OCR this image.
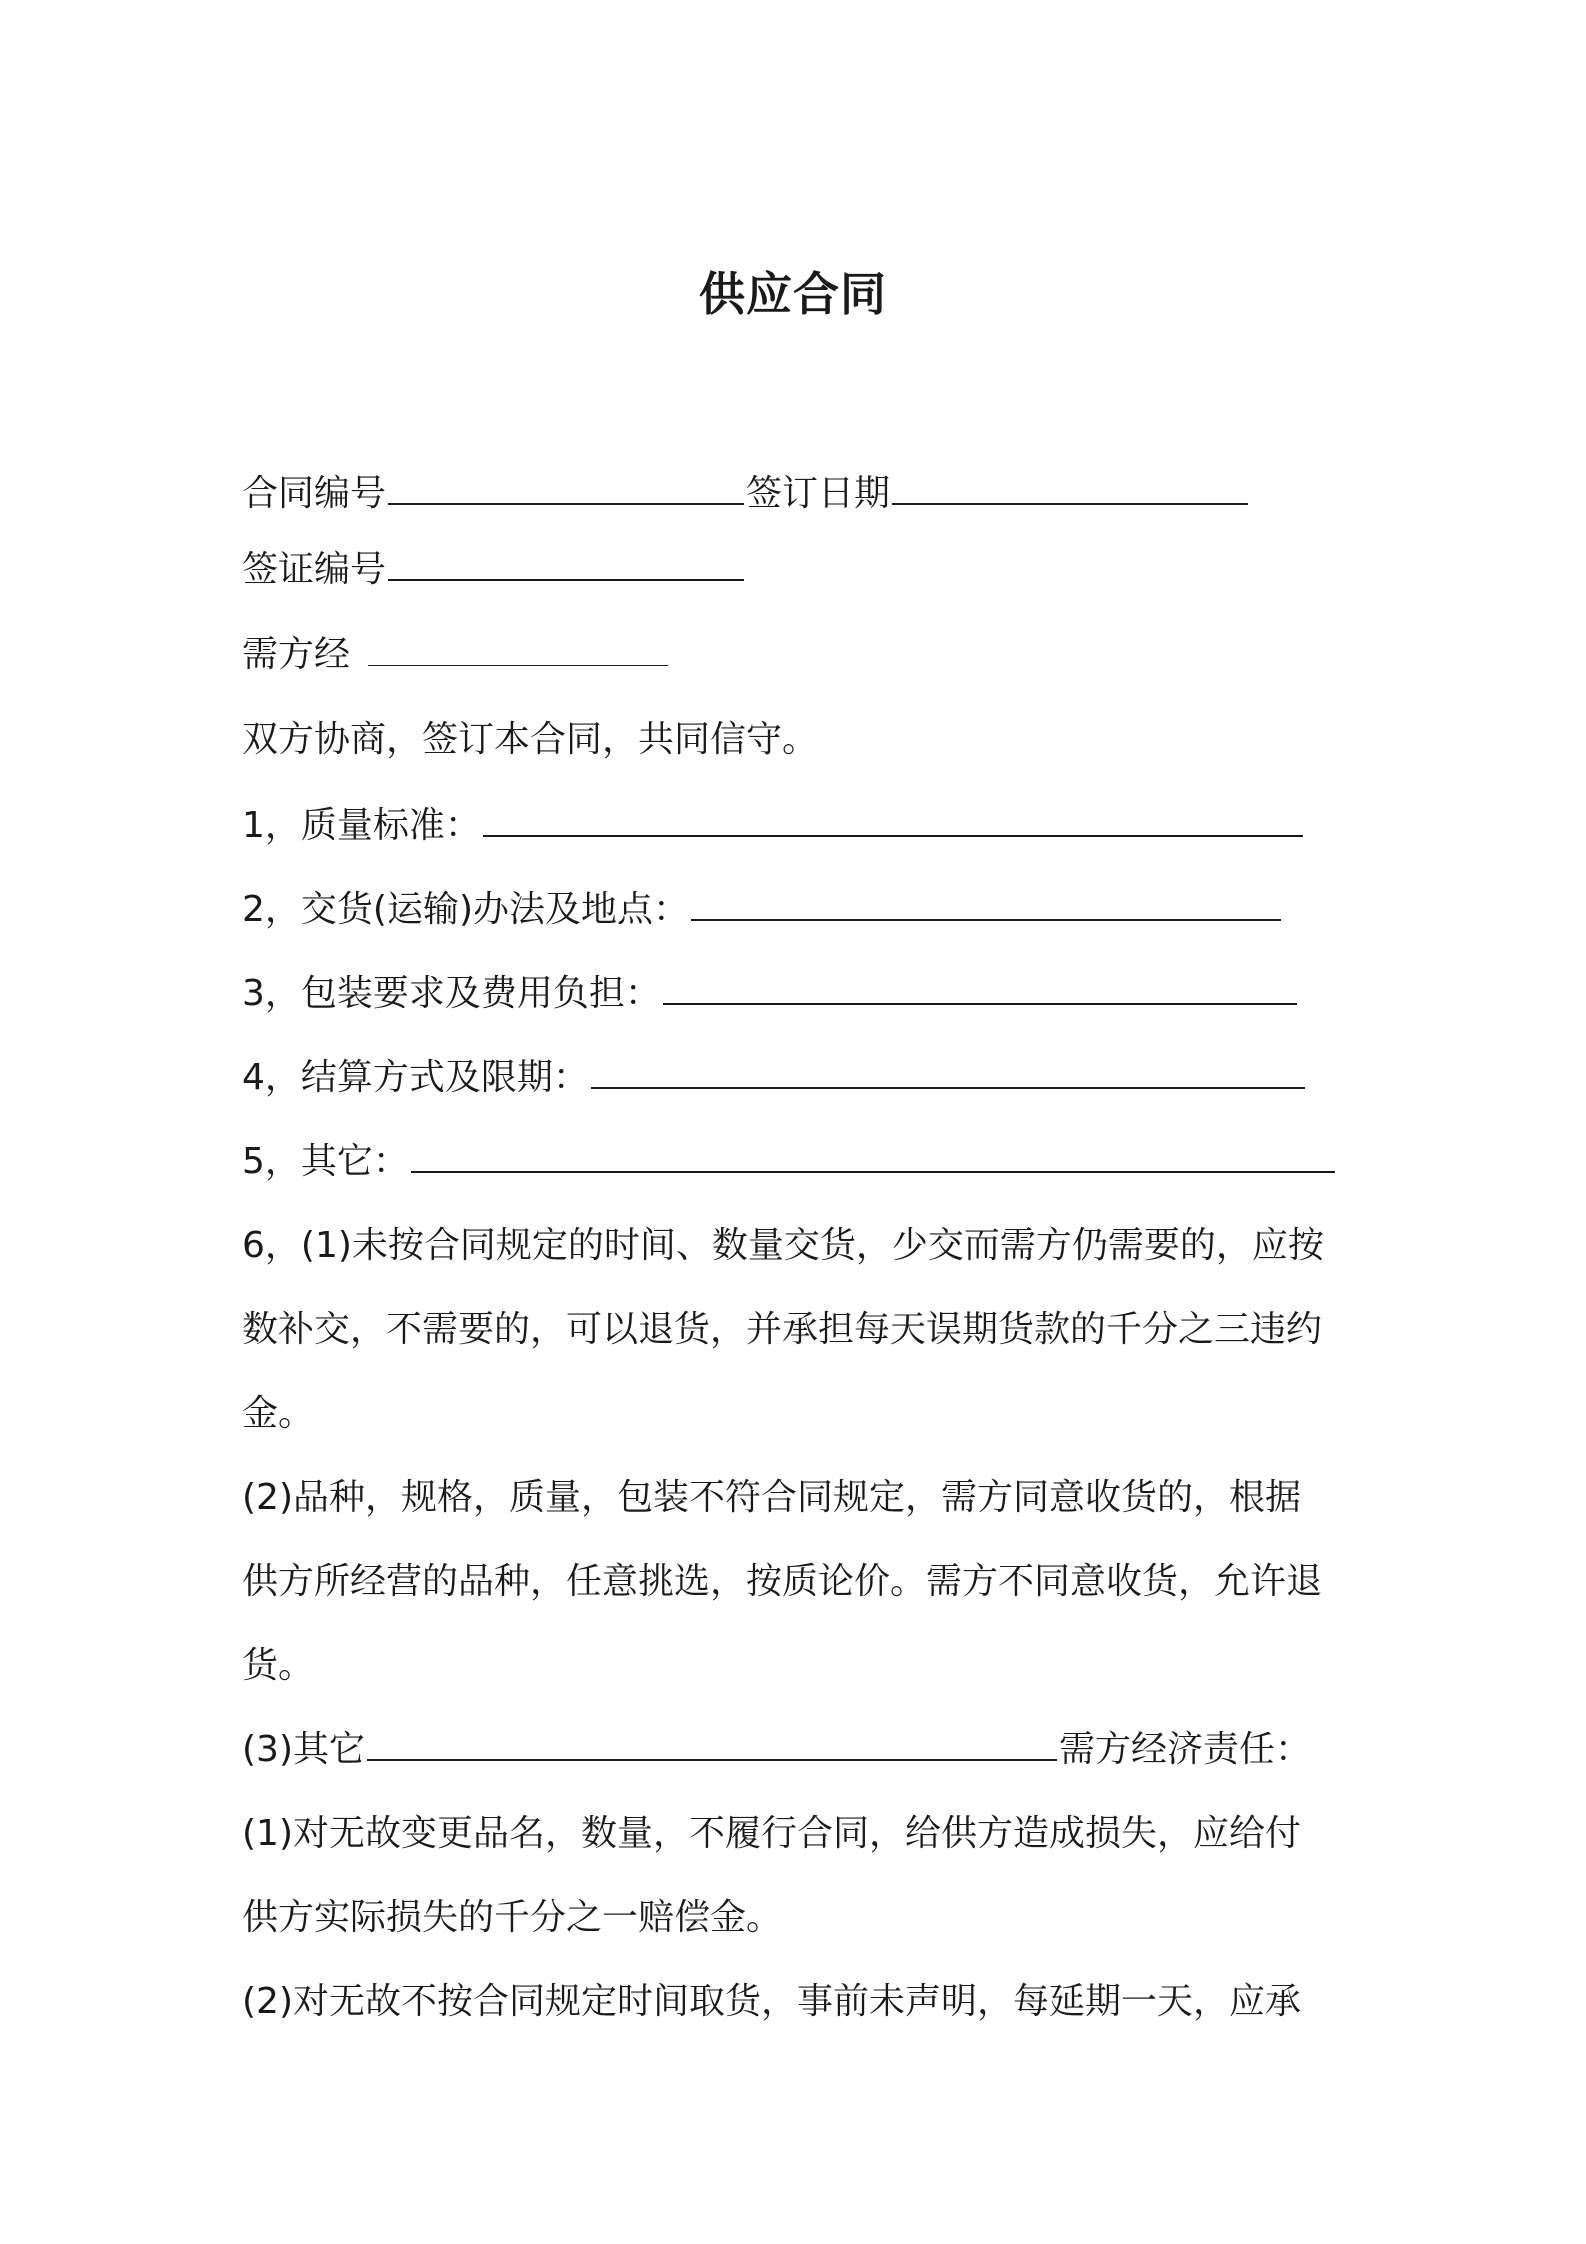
供应合同
合同编号	签订日期
签证编号
需方经
双方协商，签订本合同，共同信守。
1，质量标准：
2，交货(运输)办法及地点：
3，包装要求及费用负担：
4，结算方式及限期：
5，其它：
6，(1)未按合同规定的时间、数量交货，少交而需方仍需要的，应按
数补交，不需要的，可以退货，并承担每天误期货款的千分之三违约
金。
(2)品种，规格，质量，包装不符合同规定，需方同意收货的，根据
供方所经营的品种，任意挑选，按质论价。需方不同意收货，允许退
货。
(3)其它	需方经济责任：
(1)对无故变更品名，数量，不履行合同，给供方造成损失，应给付
供方实际损失的千分之一赔偿金。
(2)对无故不按合同规定时间取货，事前未声明，每延期一天，应承
